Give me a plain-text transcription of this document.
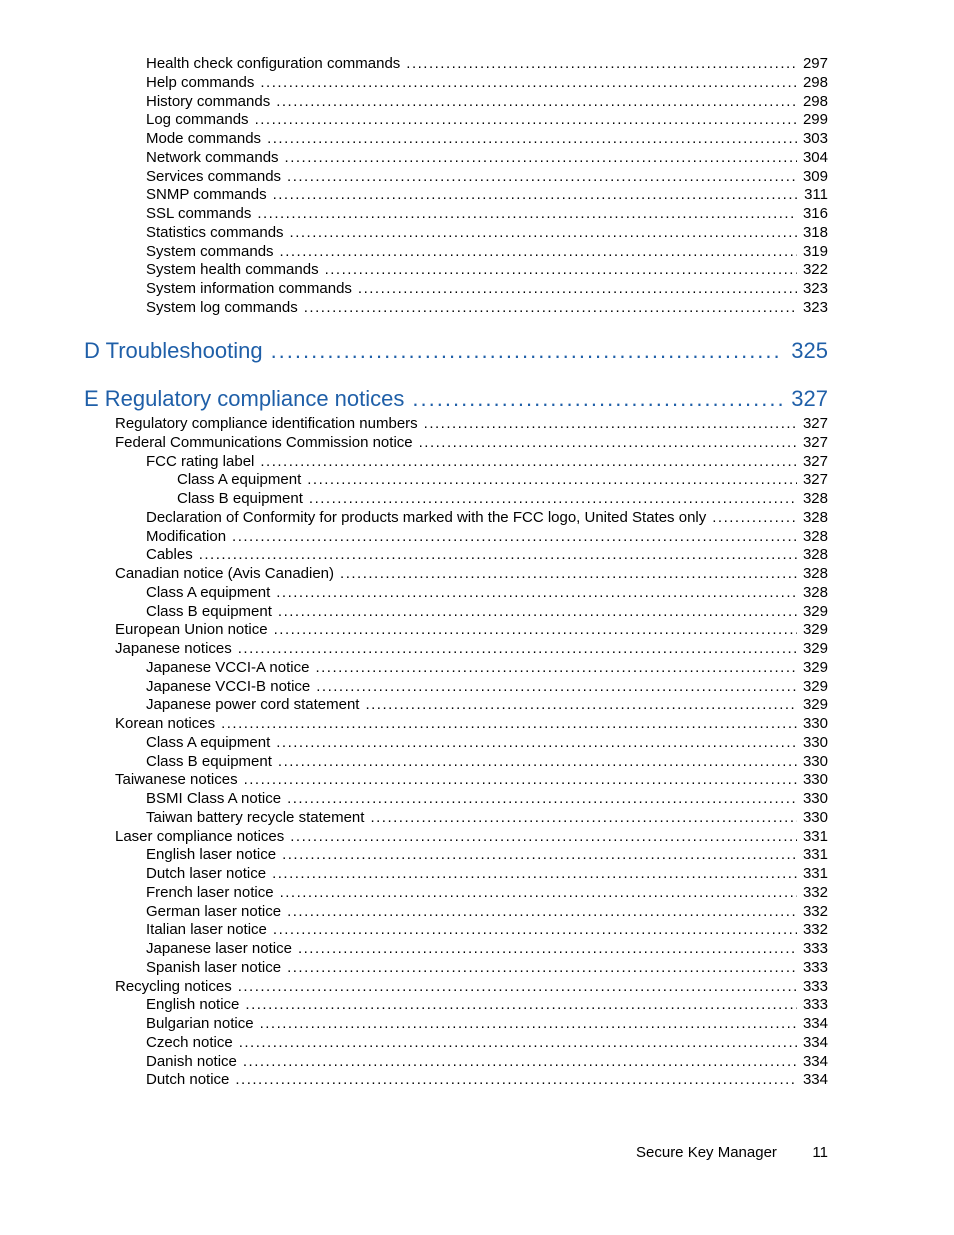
Health check configuration commands .....	297
Help commands .....	298
History commands .....	298
Log commands .....	299
Mode commands .....	303
Network commands .....	304
Services commands .....	309
SNMP commands .....	311
SSL commands .....	316
Statistics commands .....	318
System commands .....	319
System health commands .....	322
System information commands .....	323
System log commands .....	323
D Troubleshooting .....	325
E Regulatory compliance notices .....	327
Regulatory compliance identification numbers .....	327
Federal Communications Commission notice .....	327
FCC rating label .....	327
Class A equipment .....	327
Class B equipment .....	328
Declaration of Conformity for products marked with the FCC logo, United States only .....	328
Modification .....	328
Cables .....	328
Canadian notice (Avis Canadien) .....	328
Class A equipment .....	328
Class B equipment .....	329
European Union notice .....	329
Japanese notices .....	329
Japanese VCCI-A notice .....	329
Japanese VCCI-B notice .....	329
Japanese power cord statement .....	329
Korean notices .....	330
Class A equipment .....	330
Class B equipment .....	330
Taiwanese notices .....	330
BSMI Class A notice .....	330
Taiwan battery recycle statement .....	330
Laser compliance notices .....	331
English laser notice .....	331
Dutch laser notice .....	331
French laser notice .....	332
German laser notice .....	332
Italian laser notice .....	332
Japanese laser notice .....	333
Spanish laser notice .....	333
Recycling notices .....	333
English notice .....	333
Bulgarian notice .....	334
Czech notice .....	334
Danish notice .....	334
Dutch notice .....	334
Secure Key Manager 11
